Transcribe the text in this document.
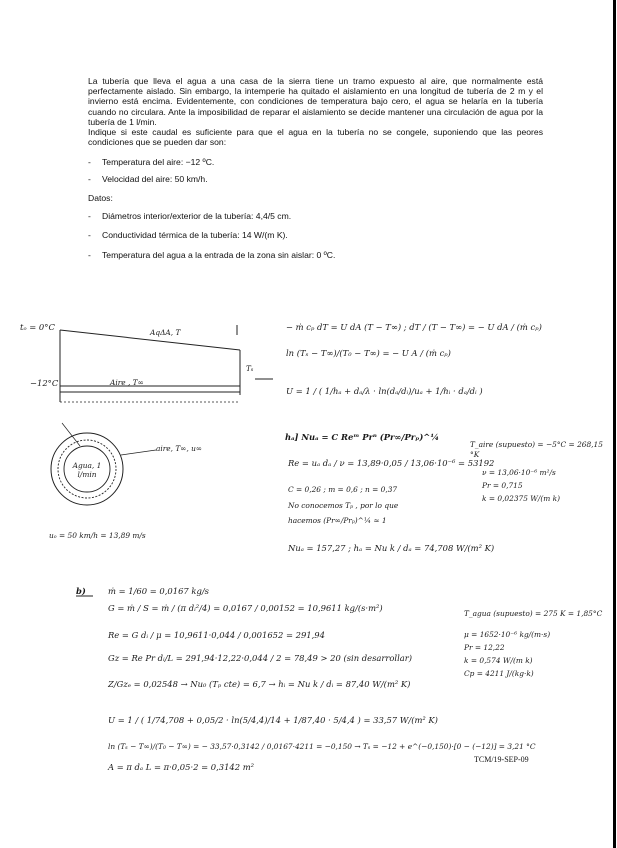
La tubería que lleva el agua a una casa de la sierra tiene un tramo expuesto al aire, que normalmente está perfectamente aislado. Sin embargo, la intemperie ha quitado el aislamiento en una longitud de tubería de 2 m y el invierno está encima. Evidentemente, con condiciones de temperatura bajo cero, el agua se helaría en la tubería cuando no circulara. Ante la imposibilidad de reparar el aislamiento se decide mantener una circulación de agua por la tubería de 1 l/min.
Indique si este caudal es suficiente para que el agua en la tubería no se congele, suponiendo que las peores condiciones que se pueden dar son:
- Temperatura del aire: −12 ºC.
- Velocidad del aire: 50 km/h.
Datos:
- Diámetros interior/exterior de la tubería: 4,4/5 cm.
- Conductividad térmica de la tubería: 14 W/(m K).
- Temperatura del agua a la entrada de la zona sin aislar: 0 ºC.
tₒ = 0°C
−12°C
AqΔA, T
Tₛ
Aire , T∞
Agua, 1 l/min
aire, T∞, u∞
uₒ = 50 km/h = 13,89 m/s
− ṁ cₚ dT = U dA (T − T∞) ; dT / (T − T∞) = − U dA / (ṁ cₚ)
ln (Tₛ − T∞)/(T₀ − T∞) = − U A / (ṁ cₚ)
U = 1 / ( 1/hₐ + dₐ/λ · ln(dₐ/dᵢ)/uₐ + 1/hᵢ · dₐ/dᵢ )
hₐ] Nuₐ = C Reᵐ Prⁿ (Pr∞/Prₚ)^¼
T_aire (supuesto) = −5°C = 268,15 °K
Re = uₐ dₐ / ν = 13,89·0,05 / 13,06·10⁻⁶ = 53192
ν = 13,06·10⁻⁶ m²/s
Pr = 0,715
k = 0,02375 W/(m k)
C = 0,26 ; m = 0,6 ; n = 0,37
No conocemos Tₚ , por lo que
hacemos (Pr∞/Prₚ)^¼ ≈ 1
Nuₐ = 157,27 ; hₐ = Nu k / dₐ = 74,708 W/(m² K)
b)	ṁ = 1/60 = 0,0167 kg/s
G = ṁ / S = ṁ / (π dᵢ²/4) = 0,0167 / 0,00152 = 10,9611 kg/(s·m²)
T_agua (supuesto) = 275 K = 1,85°C
Re = G dᵢ / μ = 10,9611·0,044 / 0,001652 = 291,94	μ = 1652·10⁻⁶ kg/(m·s)
Pr = 12,22
Gz = Re Pr dᵢ/L = 291,94·12,22·0,044 / 2 = 78,49 > 20 (sin desarrollar)	k = 0,574 W/(m k)
Cp = 4211 J/(kg·k)
Z/Gzₑ = 0,02548 → Nu₀ (Tₚ cte) = 6,7 → hᵢ = Nu k / dᵢ = 87,40 W/(m² K)
U = 1 / ( 1/74,708 + 0,05/2 · ln(5/4,4)/14 + 1/87,40 · 5/4,4 ) = 33,57 W/(m² K)
ln (Tₛ − T∞)/(T₀ − T∞) = − 33,57·0,3142 / 0,0167·4211 = −0,150 → Tₛ = −12 + e^(−0,150)·[0 − (−12)] = 3,21 °C
A = π dₐ L = π·0,05·2 = 0,3142 m²
TCM/19-SEP-09
